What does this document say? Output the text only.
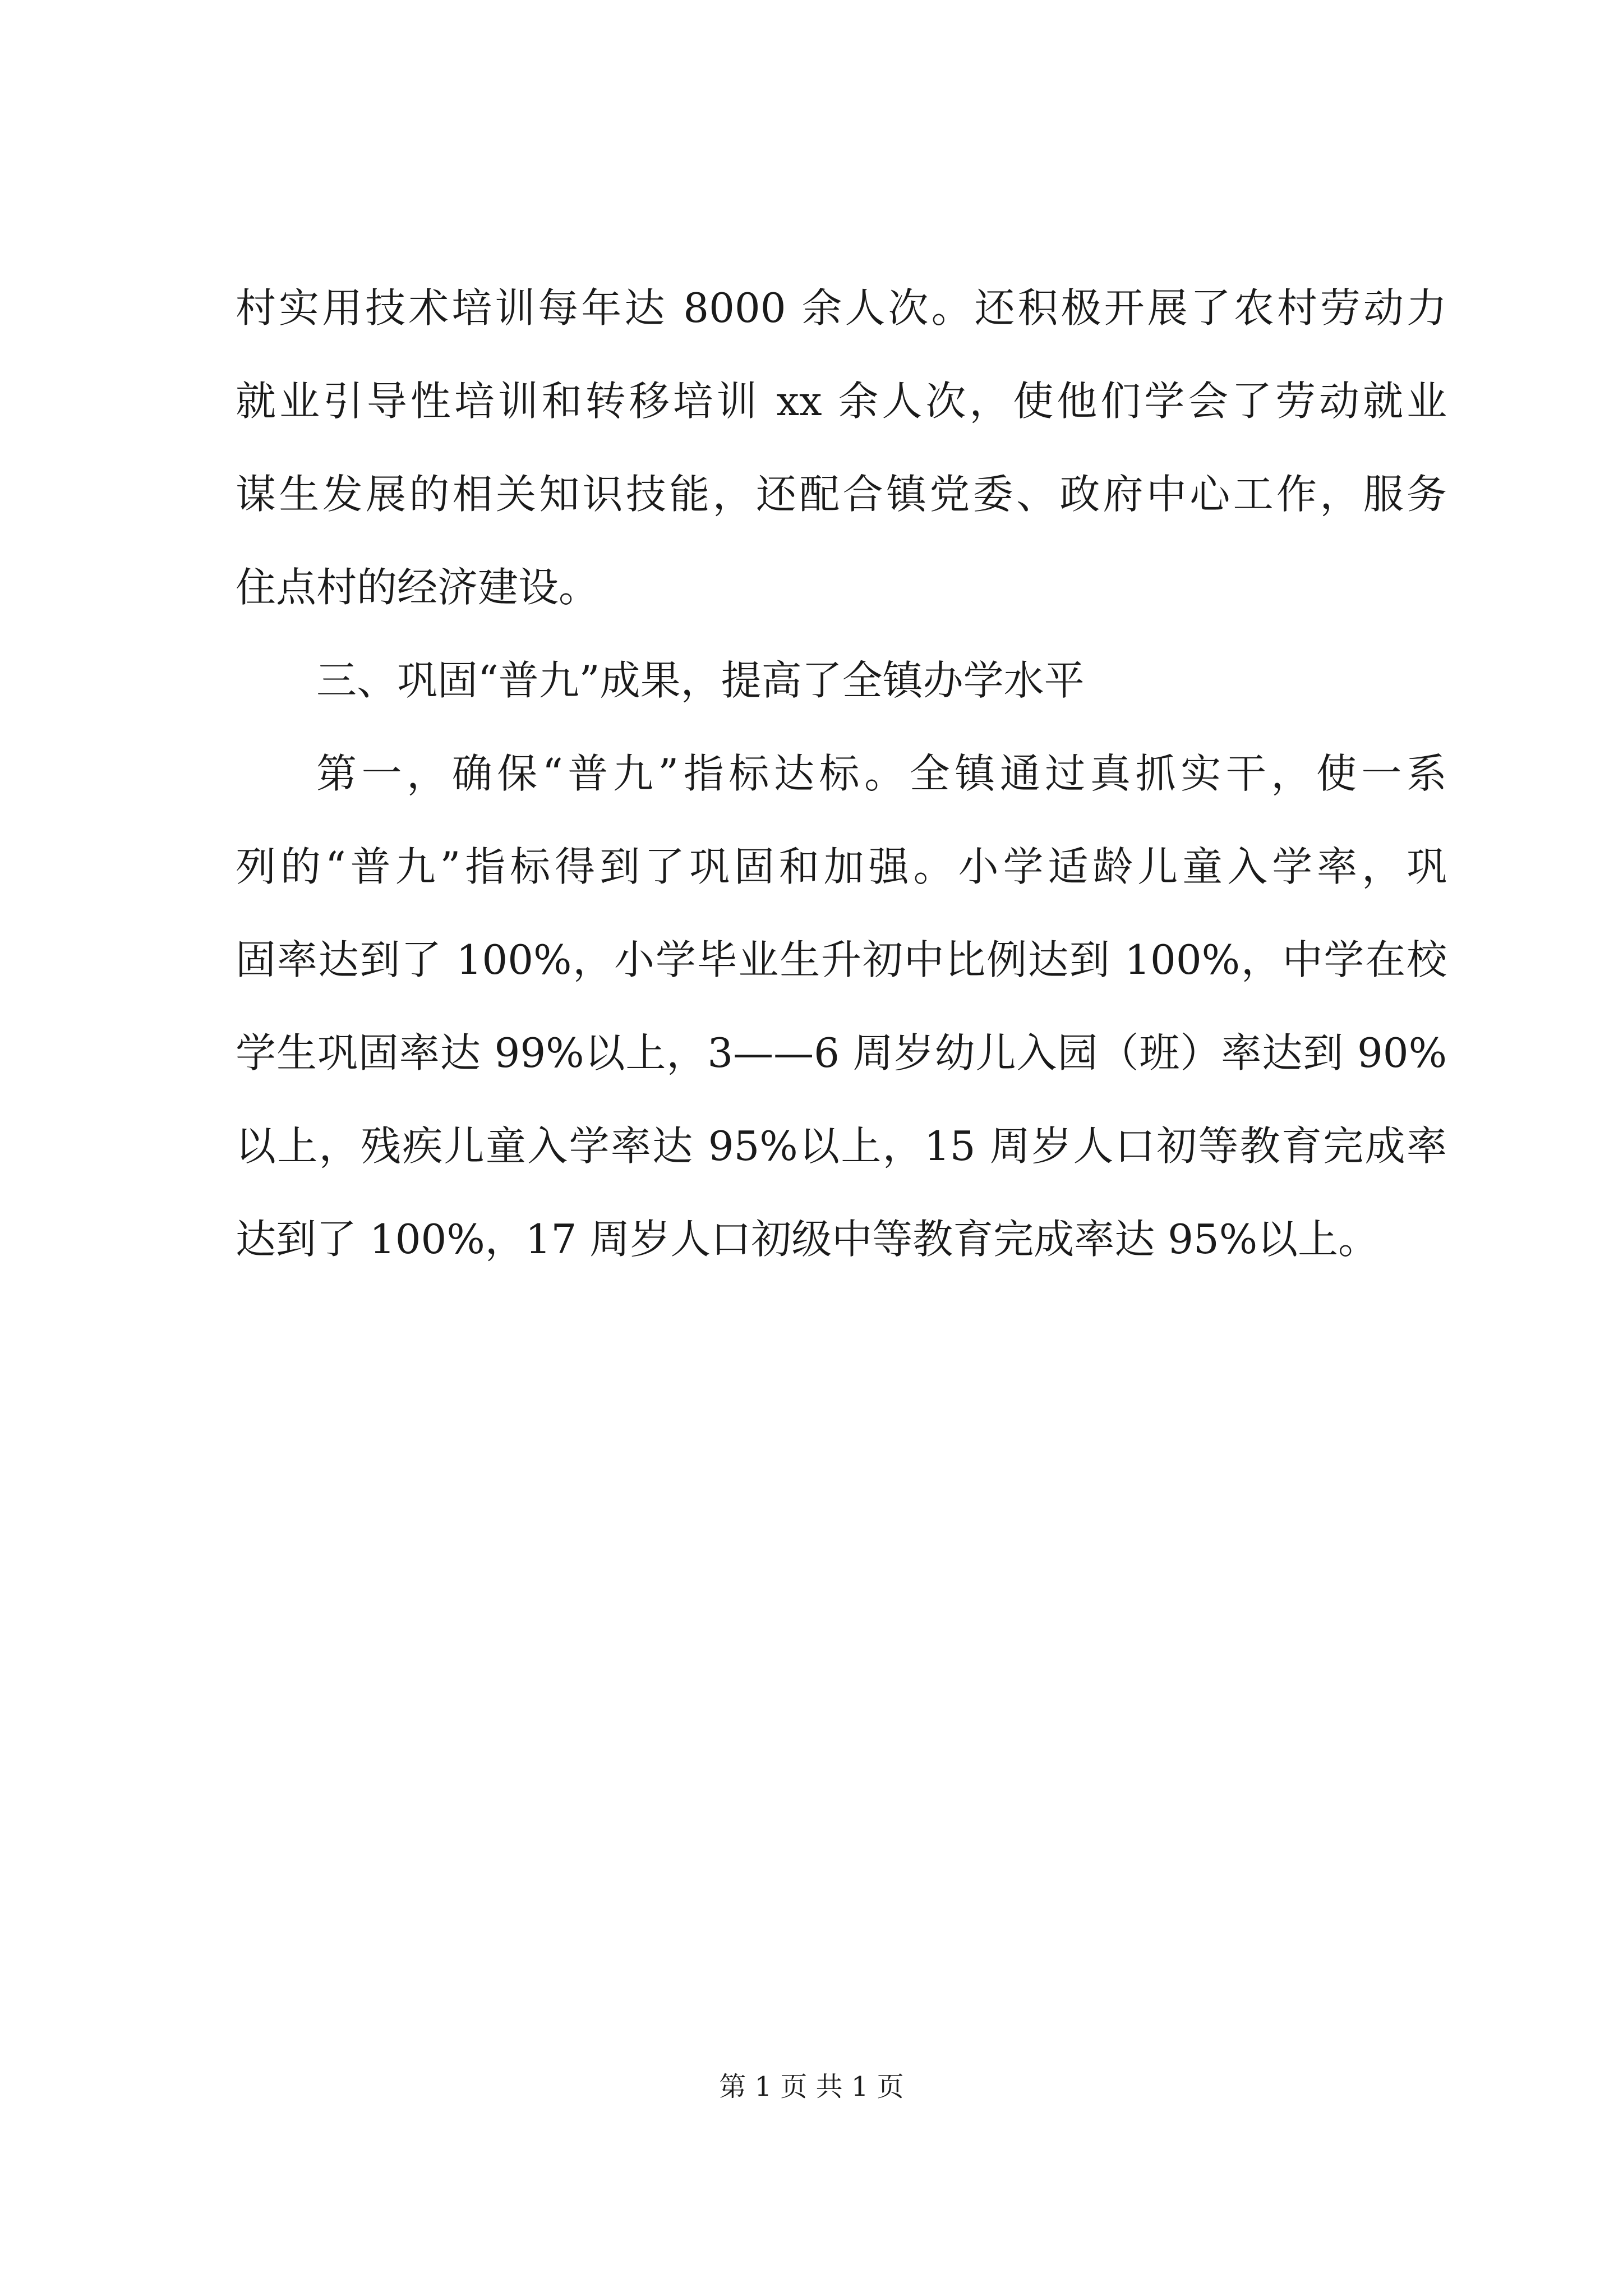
村实用技术培训每年达 8000 余人次。还积极开展了农村劳动力
就业引导性培训和转移培训 xx 余人次，使他们学会了劳动就业
谋生发展的相关知识技能，还配合镇党委、政府中心工作，服务
住点村的经济建设。
三、巩固“普九”成果，提高了全镇办学水平
第一，确保“普九”指标达标。全镇通过真抓实干，使一系
列的“普九”指标得到了巩固和加强。小学适龄儿童入学率，巩
固率达到了 100%，小学毕业生升初中比例达到 100%，中学在校
学生巩固率达 99%以上，3——6 周岁幼儿入园（班）率达到 90%
以上，残疾儿童入学率达 95%以上，15 周岁人口初等教育完成率
达到了 100%，17 周岁人口初级中等教育完成率达 95%以上。
第 1 页 共 1 页
